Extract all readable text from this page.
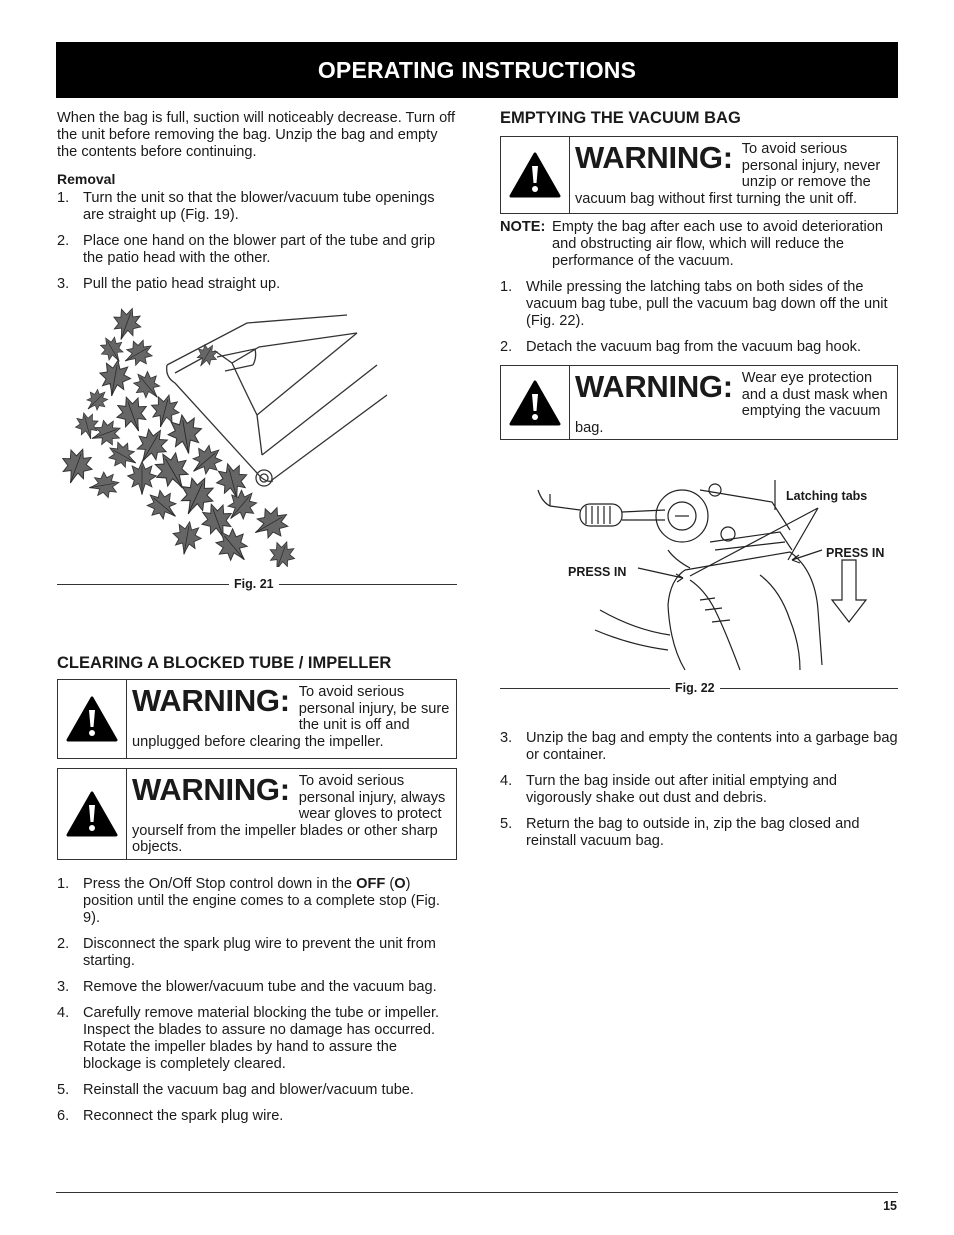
OPERATING INSTRUCTIONS

When the bag is full, suction will noticeably decrease. Turn off the unit before removing the bag. Unzip the bag and empty the contents before continuing.

Removal
1. Turn the unit so that the blower/vacuum tube openings are straight up (Fig. 19).
2. Place one hand on the blower part of the tube and grip the patio head with the other.
3. Pull the patio head straight up.
Fig. 21
CLEARING A BLOCKED TUBE / IMPELLER
WARNING: To avoid serious personal injury, be sure the unit is off and unplugged before clearing the impeller.
WARNING: To avoid serious personal injury, always wear gloves to protect yourself from the impeller blades or other sharp objects.
1. Press the On/Off Stop control down in the OFF (O) position until the engine comes to a complete stop (Fig. 9).
2. Disconnect the spark plug wire to prevent the unit from starting.
3. Remove the blower/vacuum tube and the vacuum bag.
4. Carefully remove material blocking the tube or impeller. Inspect the blades to assure no damage has occurred. Rotate the impeller blades by hand to assure the blockage is completely cleared.
5. Reinstall the vacuum bag and blower/vacuum tube.
6. Reconnect the spark plug wire.
EMPTYING THE VACUUM BAG
WARNING: To avoid serious personal injury, never unzip or remove the vacuum bag without first turning the unit off.
NOTE: Empty the bag after each use to avoid deterioration and obstructing air flow, which will reduce the performance of the vacuum.
1. While pressing the latching tabs on both sides of the vacuum bag tube, pull the vacuum bag down off the unit (Fig. 22).
2. Detach the vacuum bag from the vacuum bag hook.
WARNING: Wear eye protection and a dust mask when emptying the vacuum bag.
Latching tabs
PRESS IN
PRESS IN
Fig. 22
3. Unzip the bag and empty the contents into a garbage bag or container.
4. Turn the bag inside out after initial emptying and vigorously shake out dust and debris.
5. Return the bag to outside in, zip the bag closed and reinstall vacuum bag.
15
